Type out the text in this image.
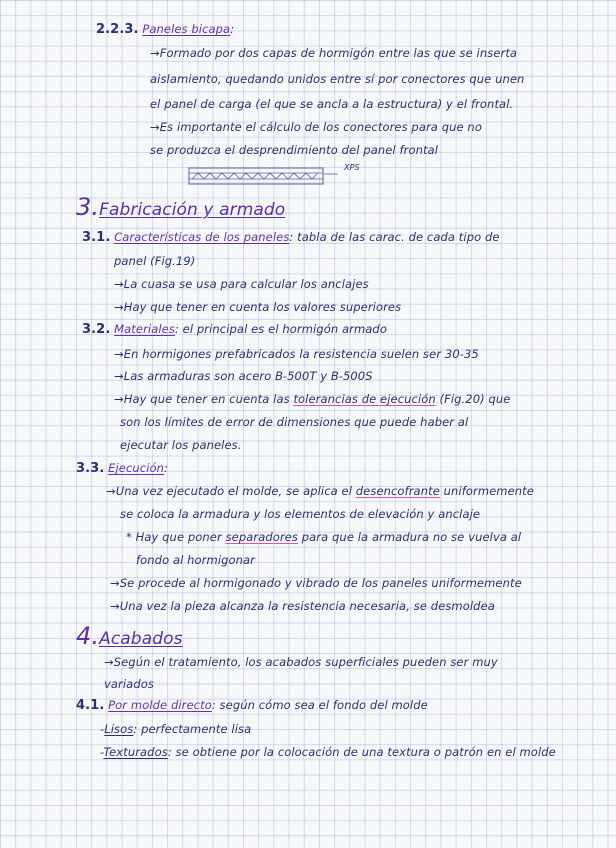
2.2.3. Paneles bicapa:
→Formado por dos capas de hormigón entre las que se inserta
aislamiento, quedando unidos entre sí por conectores que unen
el panel de carga (el que se ancla a la estructura) y el frontal.
→Es importante el cálculo de los conectores para que no
se produzca el desprendimiento del panel frontal
XPS
3.Fabricación y armado
3.1. Características de los paneles: tabla de las carac. de cada tipo de
panel (Fig.19)
→La cuasa se usa para calcular los anclajes
→Hay que tener en cuenta los valores superiores
3.2. Materiales: el principal es el hormigón armado
→En hormigones prefabricados la resistencia suelen ser 30-35
→Las armaduras son acero B-500T y B-500S
→Hay que tener en cuenta las tolerancias de ejecución (Fig.20) que
son los límites de error de dimensiones que puede haber al
ejecutar los paneles.
3.3. Ejecución:
→Una vez ejecutado el molde, se aplica el desencofrante uniformemente
se coloca la armadura y los elementos de elevación y anclaje
* Hay que poner separadores para que la armadura no se vuelva al
fondo al hormigonar
→Se procede al hormigonado y vibrado de los paneles uniformemente
→Una vez la pieza alcanza la resistencia necesaria, se desmoldea
4.Acabados
→Según el tratamiento, los acabados superficiales pueden ser muy
variados
4.1. Por molde directo: según cómo sea el fondo del molde
-Lisos: perfectamente lisa
-Texturados: se obtiene por la colocación de una textura o patrón en el molde
